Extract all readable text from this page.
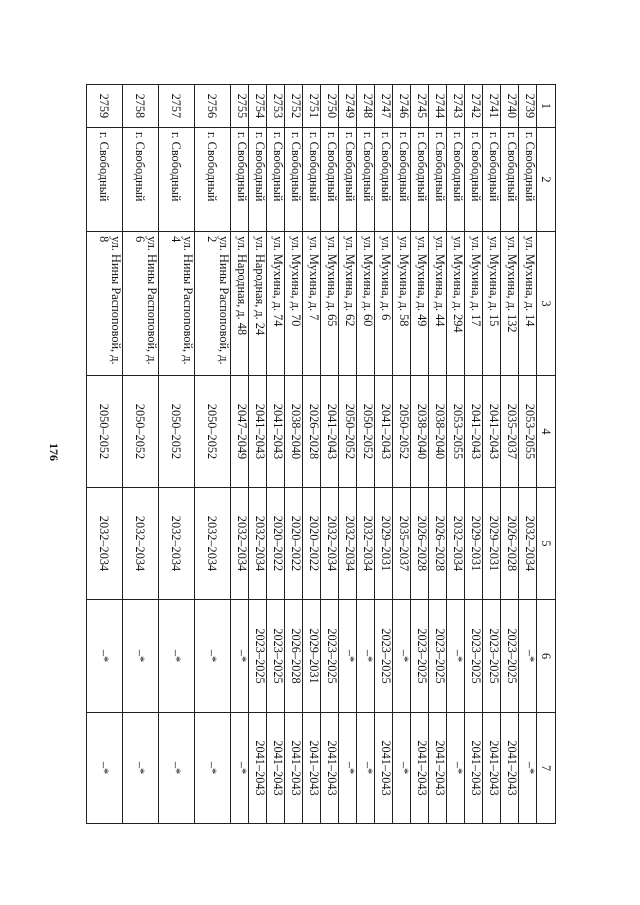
176
1	2	3	4	5	6	7
2739	г. Свободный	ул. Мухина, д. 14	2053–2055	2032–2034	–*	–*
2740	г. Свободный	ул. Мухина, д. 132	2035–2037	2026–2028	2023–2025	2041–2043
2741	г. Свободный	ул. Мухина, д. 15	2041–2043	2029–2031	2023–2025	2041–2043
2742	г. Свободный	ул. Мухина, д. 17	2041–2043	2029–2031	2023–2025	2041–2043
2743	г. Свободный	ул. Мухина, д. 294	2053–2055	2032–2034	–*	–*
2744	г. Свободный	ул. Мухина, д. 44	2038–2040	2026–2028	2023–2025	2041–2043
2745	г. Свободный	ул. Мухина, д. 49	2038–2040	2026–2028	2023–2025	2041–2043
2746	г. Свободный	ул. Мухина, д. 58	2050–2052	2035–2037	–*	–*
2747	г. Свободный	ул. Мухина, д. 6	2041–2043	2029–2031	2023–2025	2041–2043
2748	г. Свободный	ул. Мухина, д. 60	2050–2052	2032–2034	–*	–*
2749	г. Свободный	ул. Мухина, д. 62	2050–2052	2032–2034	–*	–*
2750	г. Свободный	ул. Мухина, д. 65	2041–2043	2032–2034	2023–2025	2041–2043
2751	г. Свободный	ул. Мухина, д. 7	2026–2028	2020–2022	2029–2031	2041–2043
2752	г. Свободный	ул. Мухина, д. 70	2038–2040	2020–2022	2026–2028	2041–2043
2753	г. Свободный	ул. Мухина, д. 74	2041–2043	2020–2022	2023–2025	2041–2043
2754	г. Свободный	ул. Народная, д. 24	2041–2043	2032–2034	2023–2025	2041–2043
2755	г. Свободный	ул. Народная, д. 48	2047–2049	2032–2034	–*	–*
2756	г. Свободный	ул. Нины Распоповой, д. 2	2050–2052	2032–2034	–*	–*
2757	г. Свободный	ул. Нины Распоповой, д. 4	2050–2052	2032–2034	–*	–*
2758	г. Свободный	ул. Нины Распоповой, д. 6	2050–2052	2032–2034	–*	–*
2759	г. Свободный	ул. Нины Распоповой, д. 8	2050–2052	2032–2034	–*	–*
